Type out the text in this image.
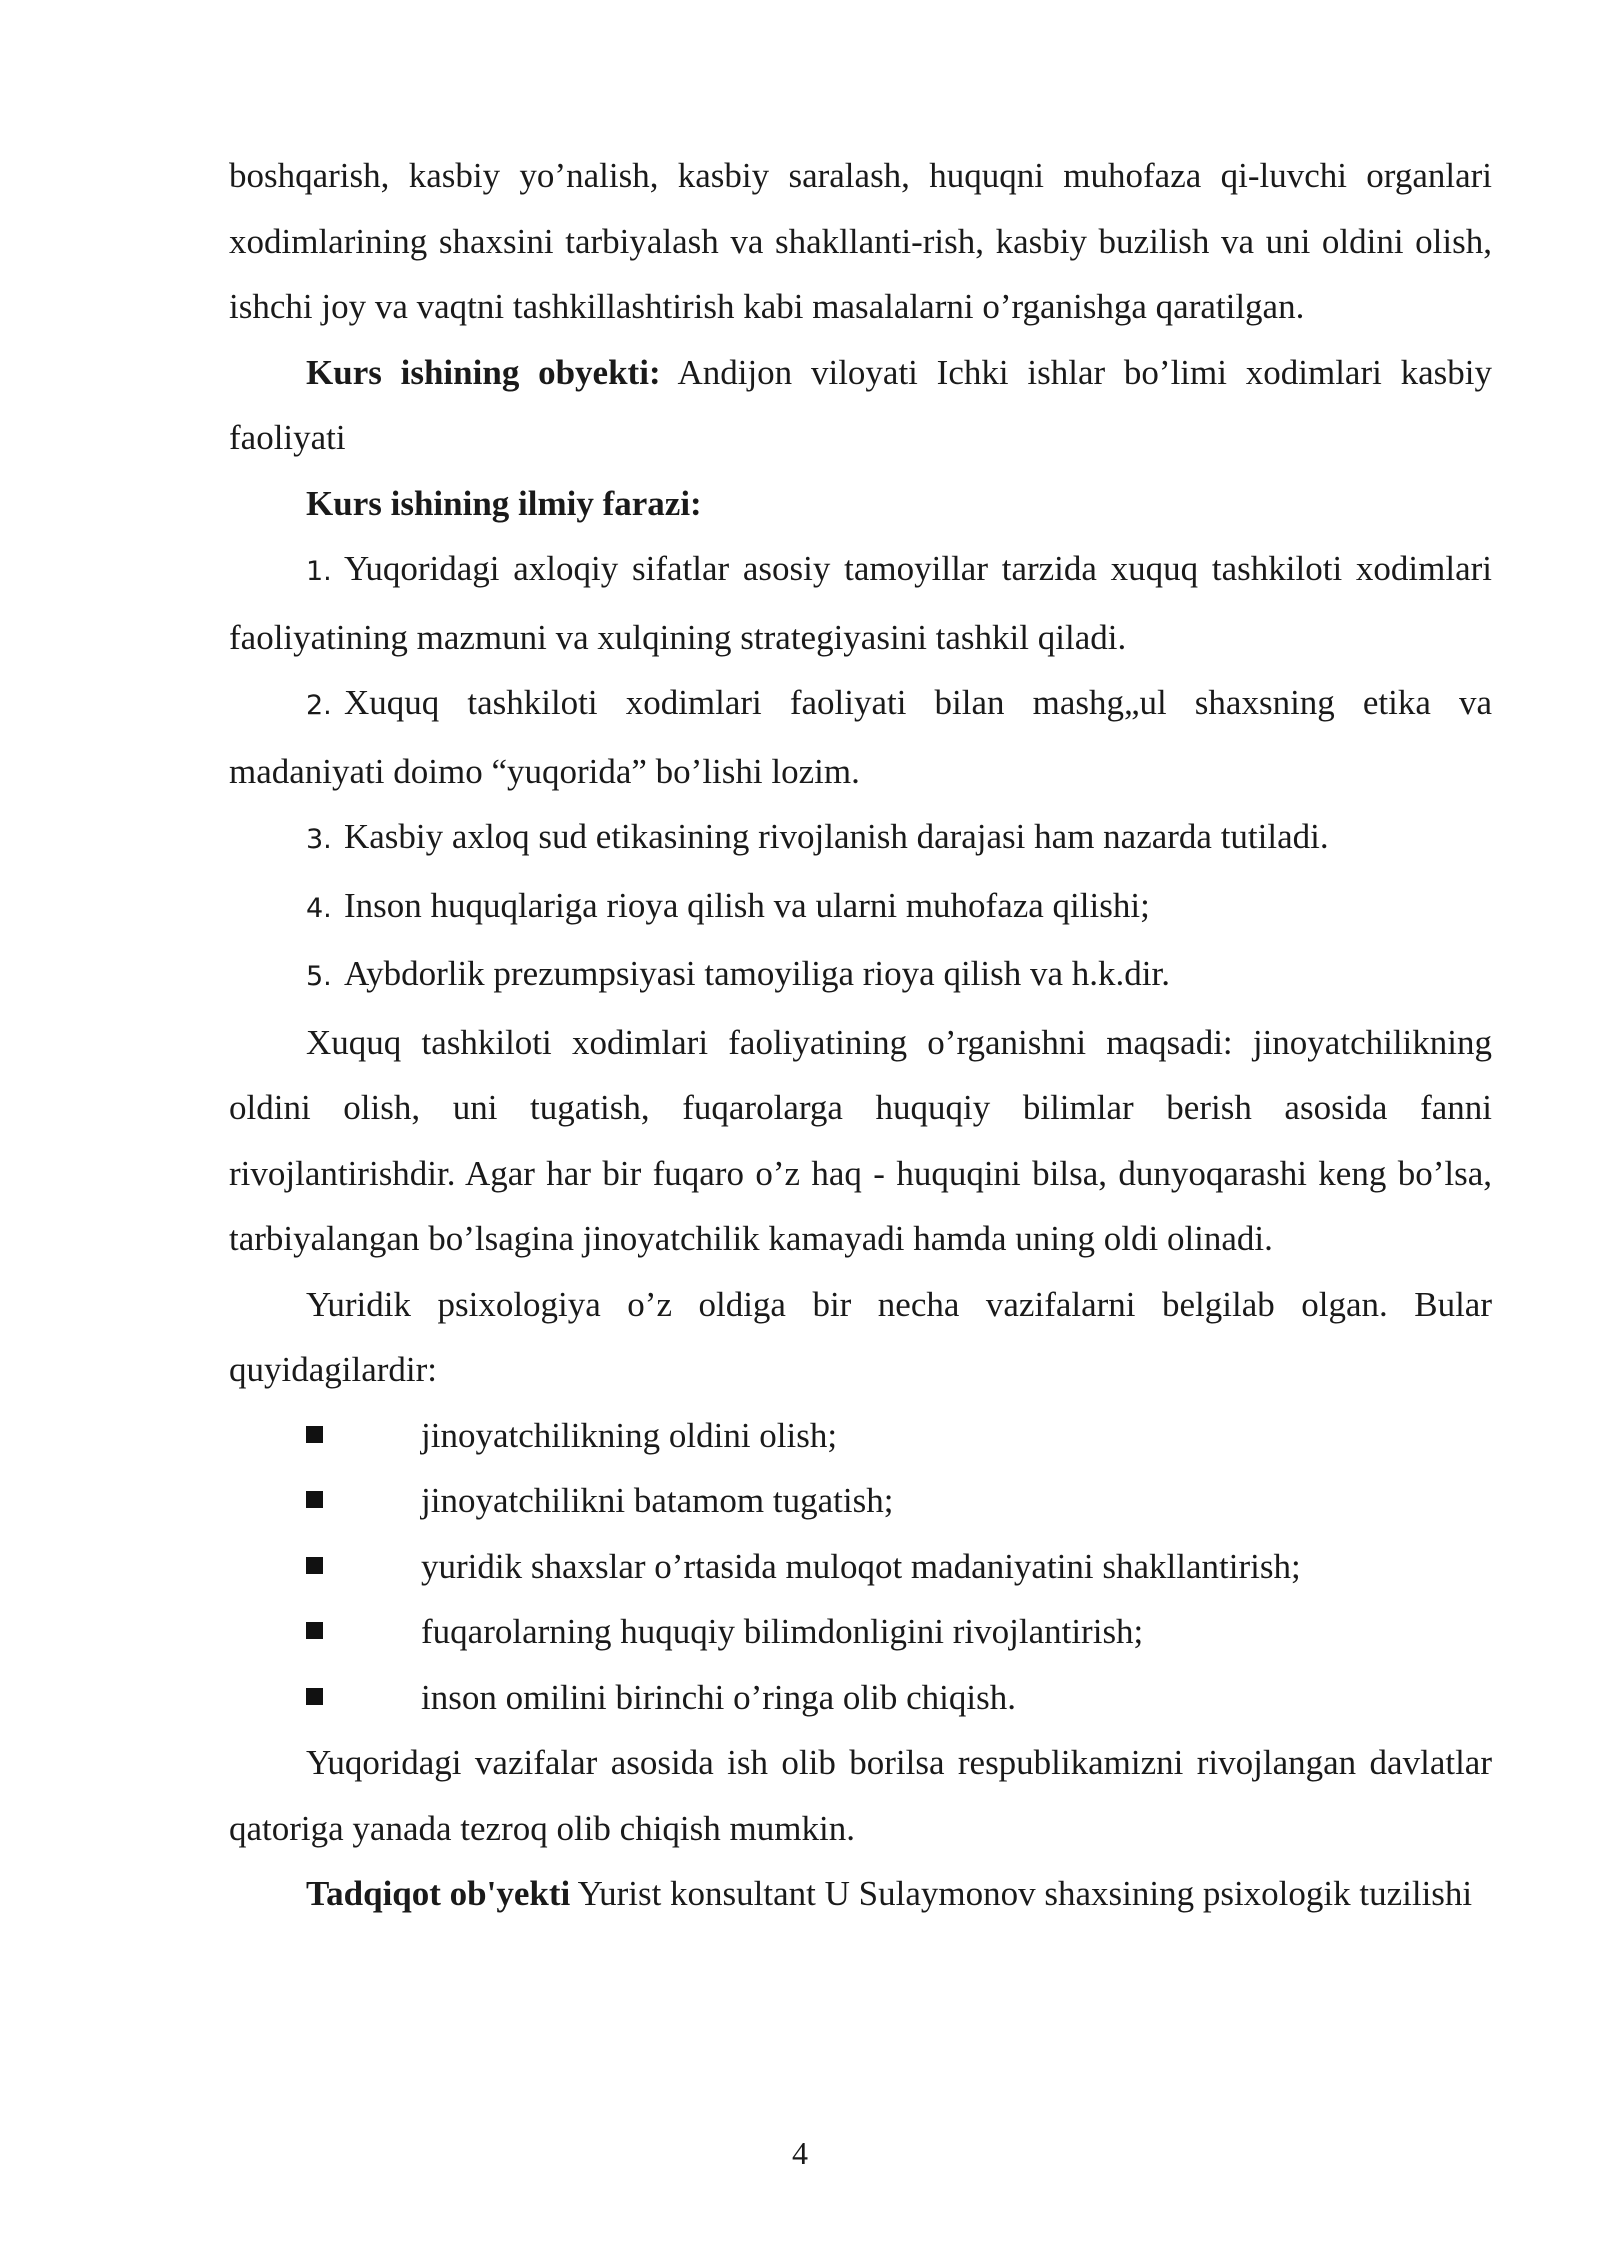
boshqarish, kasbiy yo’nalish, kasbiy saralash, huquqni muhofaza qi-luvchi organlari xodimlarining shaxsini tarbiyalash va shakllanti-rish, kasbiy buzilish va uni oldini olish, ishchi joy va vaqtni tashkillashtirish kabi masalalarni o’rganishga qaratilgan.

Kurs ishining obyekti: Andijon viloyati Ichki ishlar bo’limi xodimlari kasbiy faoliyati

Kurs ishining ilmiy farazi:

1. Yuqoridagi axloqiy sifatlar asosiy tamoyillar tarzida xuquq tashkiloti xodimlari faoliyatining mazmuni va xulqining strategiyasini tashkil qiladi.

2. Xuquq tashkiloti xodimlari faoliyati bilan mashg„ul shaxsning etika va madaniyati doimo “yuqorida” bo’lishi lozim.

3. Kasbiy axloq sud etikasining rivojlanish darajasi ham nazarda tutiladi.

4. Inson huquqlariga rioya qilish va ularni muhofaza qilishi;

5. Aybdorlik prezumpsiyasi tamoyiliga rioya qilish va h.k.dir.

Xuquq tashkiloti xodimlari faoliyatining o’rganishni maqsadi: jinoyatchilikning oldini olish, uni tugatish, fuqarolarga huquqiy bilimlar berish asosida fanni rivojlantirishdir. Agar har bir fuqaro o’z haq - huquqini bilsa, dunyoqarashi keng bo’lsa, tarbiyalangan bo’lsagina jinoyatchilik kamayadi hamda uning oldi olinadi.

Yuridik psixologiya o’z oldiga bir necha vazifalarni belgilab olgan. Bular quyidagilardir:

jinoyatchilikning oldini olish;

jinoyatchilikni batamom tugatish;

yuridik shaxslar o’rtasida muloqot madaniyatini shakllantirish;

fuqarolarning huquqiy bilimdonligini rivojlantirish;

inson omilini birinchi o’ringa olib chiqish.

Yuqoridagi vazifalar asosida ish olib borilsa respublikamizni rivojlangan davlatlar qatoriga yanada tezroq olib chiqish mumkin.

Tadqiqot ob'yekti Yurist konsultant U Sulaymonov shaxsining psixologik tuzilishi

4
